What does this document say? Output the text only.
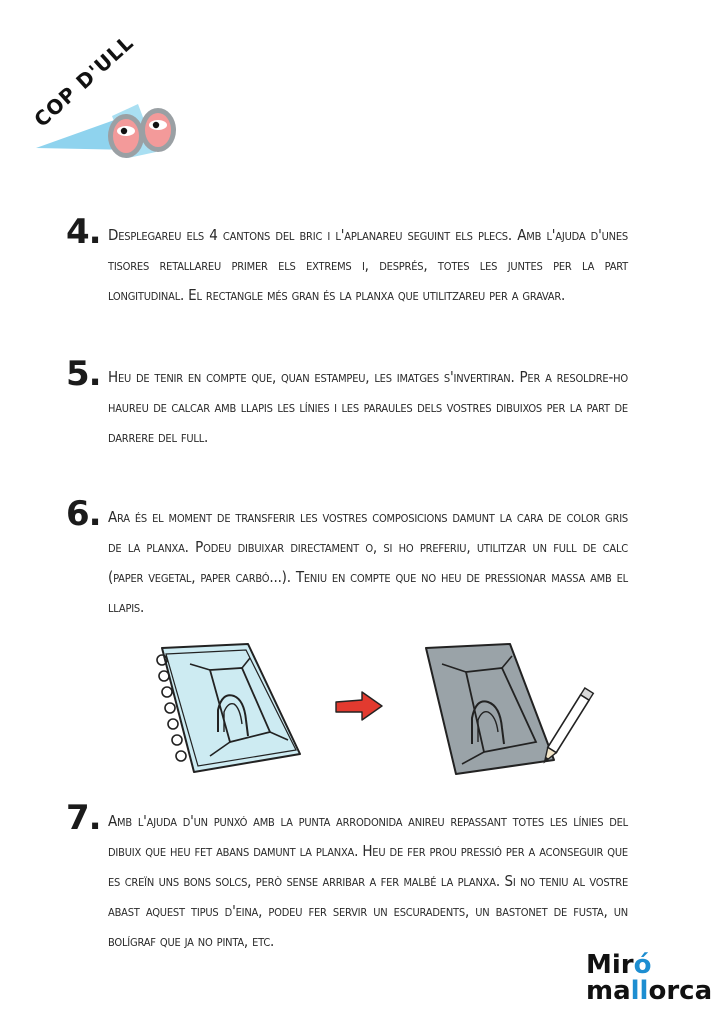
COP D'ULL
4. Desplegareu els 4 cantons del bric i l'aplanareu seguint els plecs. Amb l'ajuda d'unes tisores retallareu primer els extrems i, després, totes les juntes per la part longitudinal. El rectangle més gran és la planxa que utilitzareu per a gravar.
5. Heu de tenir en compte que, quan estampeu, les imatges s'invertiran. Per a resoldre-ho haureu de calcar amb llapis les línies i les paraules dels vostres dibuixos per la part de darrere del full.
6. Ara és el moment de transferir les vostres composicions damunt la cara de color gris de la planxa. Podeu dibuixar directament o, si ho preferiu, utilitzar un full de calc (paper vegetal, paper carbó...). Teniu en compte que no heu de pressionar massa amb el llapis.
7. Amb l'ajuda d'un punxó amb la punta arrodonida anireu repassant totes les línies del dibuix que heu fet abans damunt la planxa. Heu de fer prou pressió per a aconseguir que es creïn uns bons solcs, però sense arribar a fer malbé la planxa. Si no teniu al vostre abast aquest tipus d'eina, podeu fer servir un escuradents, un bastonet de fusta, un bolígraf que ja no pinta, etc.
Miró
mallorca
